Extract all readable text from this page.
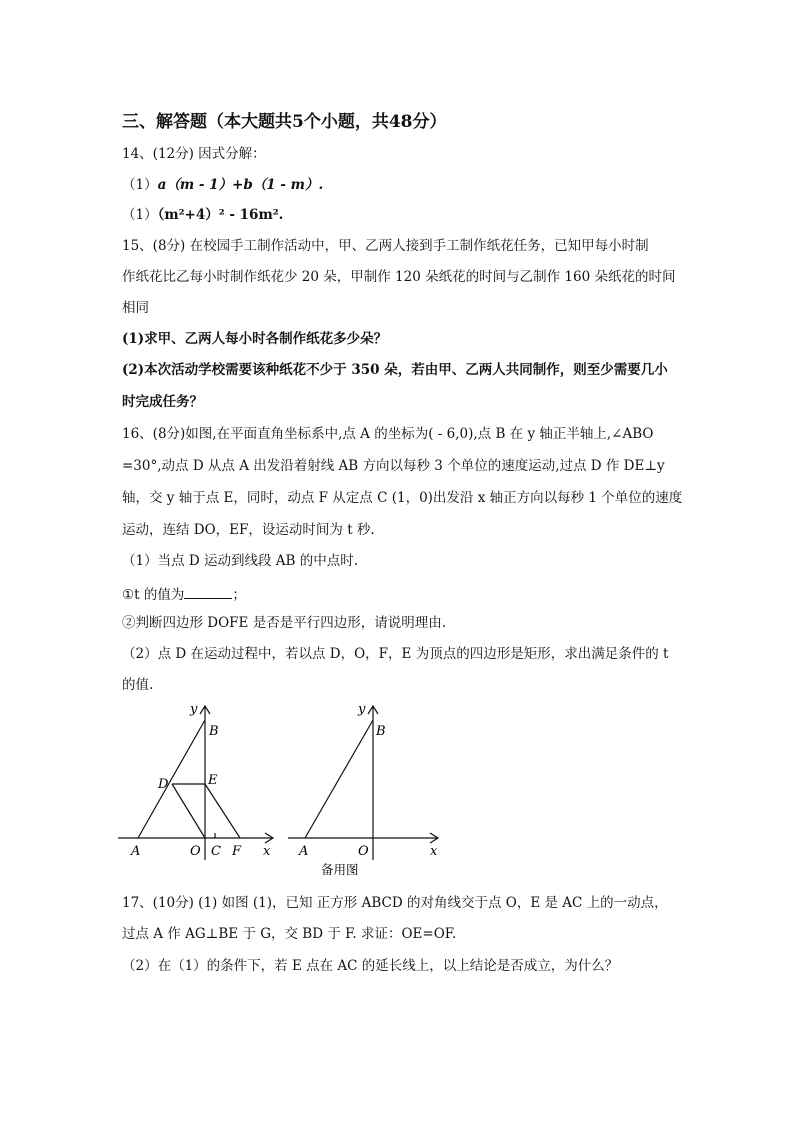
三、解答题（本大题共5个小题，共48分）
14、(12分) 因式分解：
（1）a（m - 1）+b（1 - m）.
（1）（m²+4）² - 16m².
15、(8分) 在校园手工制作活动中，甲、乙两人接到手工制作纸花任务，已知甲每小时制
作纸花比乙每小时制作纸花少 20 朵，甲制作 120 朵纸花的时间与乙制作 160 朵纸花的时间
相同
(1)求甲、乙两人每小时各制作纸花多少朵？
(2)本次活动学校需要该种纸花不少于 350 朵，若由甲、乙两人共同制作，则至少需要几小
时完成任务？
16、(8分)如图,在平面直角坐标系中,点 A 的坐标为( - 6,0),点 B 在 y 轴正半轴上,∠ABO
=30°,动点 D 从点 A 出发沿着射线 AB 方向以每秒 3 个单位的速度运动,过点 D 作 DE⊥y
轴，交 y 轴于点 E，同时，动点 F 从定点 C (1，0)出发沿 x 轴正方向以每秒 1 个单位的速度
运动，连结 DO，EF，设运动时间为 t 秒.
（1）当点 D 运动到线段 AB 的中点时.
①t 的值为	；
②判断四边形 DOFE 是否是平行四边形，请说明理由.
（2）点 D 在运动过程中，若以点 D，O，F，E 为顶点的四边形是矩形，求出满足条件的 t
的值.
y
B
D	E
A	O C F x
y
B
A	O	x
备用图
17、(10分) (1) 如图 (1)，已知 正方形 ABCD 的对角线交于点 O，E 是 AC 上的一动点，
过点 A 作 AG⊥BE 于 G，交 BD 于 F. 求证：OE=OF.
（2）在（1）的条件下，若 E 点在 AC 的延长线上，以上结论是否成立，为什么？
